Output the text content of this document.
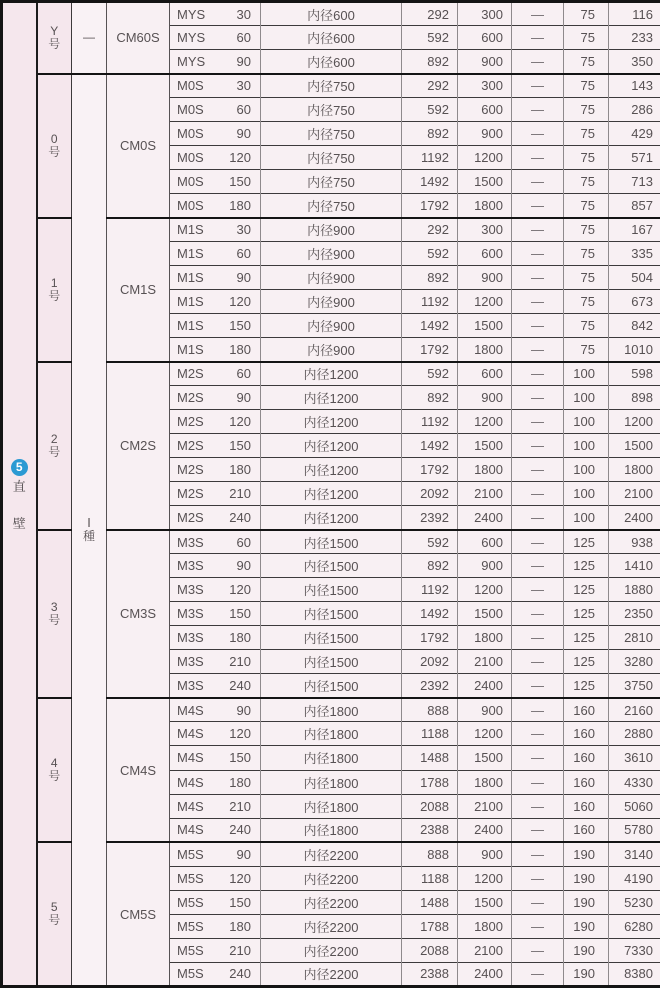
5
直
壁	Y
号	—	CM60S	MYS 30	内径600	292	300	—	75	116

				MYS 60	内径600	592	600	—	75	233

				MYS 90	内径600	892	900	—	75	350

	0
号	Ⅰ
種	CM0S	M0S 30	内径750	292	300	—	75	143

				M0S 60	内径750	592	600	—	75	286

				M0S 90	内径750	892	900	—	75	429

				M0S 120	内径750	1192	1200	—	75	571

				M0S 150	内径750	1492	1500	—	75	713

				M0S 180	内径750	1792	1800	—	75	857

	1
号		CM1S	M1S 30	内径900	292	300	—	75	167

				M1S 60	内径900	592	600	—	75	335

				M1S 90	内径900	892	900	—	75	504

				M1S 120	内径900	1192	1200	—	75	673

				M1S 150	内径900	1492	1500	—	75	842

				M1S 180	内径900	1792	1800	—	75	1010

	2
号		CM2S	M2S 60	内径1200	592	600	—	100	598

				M2S 90	内径1200	892	900	—	100	898

				M2S 120	内径1200	1192	1200	—	100	1200

				M2S 150	内径1200	1492	1500	—	100	1500

				M2S 180	内径1200	1792	1800	—	100	1800

				M2S 210	内径1200	2092	2100	—	100	2100

				M2S 240	内径1200	2392	2400	—	100	2400

	3
号		CM3S	M3S 60	内径1500	592	600	—	125	938

				M3S 90	内径1500	892	900	—	125	1410

				M3S 120	内径1500	1192	1200	—	125	1880

				M3S 150	内径1500	1492	1500	—	125	2350

				M3S 180	内径1500	1792	1800	—	125	2810

				M3S 210	内径1500	2092	2100	—	125	3280

				M3S 240	内径1500	2392	2400	—	125	3750

	4
号		CM4S	M4S 90	内径1800	888	900	—	160	2160

				M4S 120	内径1800	1188	1200	—	160	2880

				M4S 150	内径1800	1488	1500	—	160	3610

				M4S 180	内径1800	1788	1800	—	160	4330

				M4S 210	内径1800	2088	2100	—	160	5060

				M4S 240	内径1800	2388	2400	—	160	5780

	5
号		CM5S	M5S 90	内径2200	888	900	—	190	3140

				M5S 120	内径2200	1188	1200	—	190	4190

				M5S 150	内径2200	1488	1500	—	190	5230

				M5S 180	内径2200	1788	1800	—	190	6280

				M5S 210	内径2200	2088	2100	—	190	7330

				M5S 240	内径2200	2388	2400	—	190	8380
